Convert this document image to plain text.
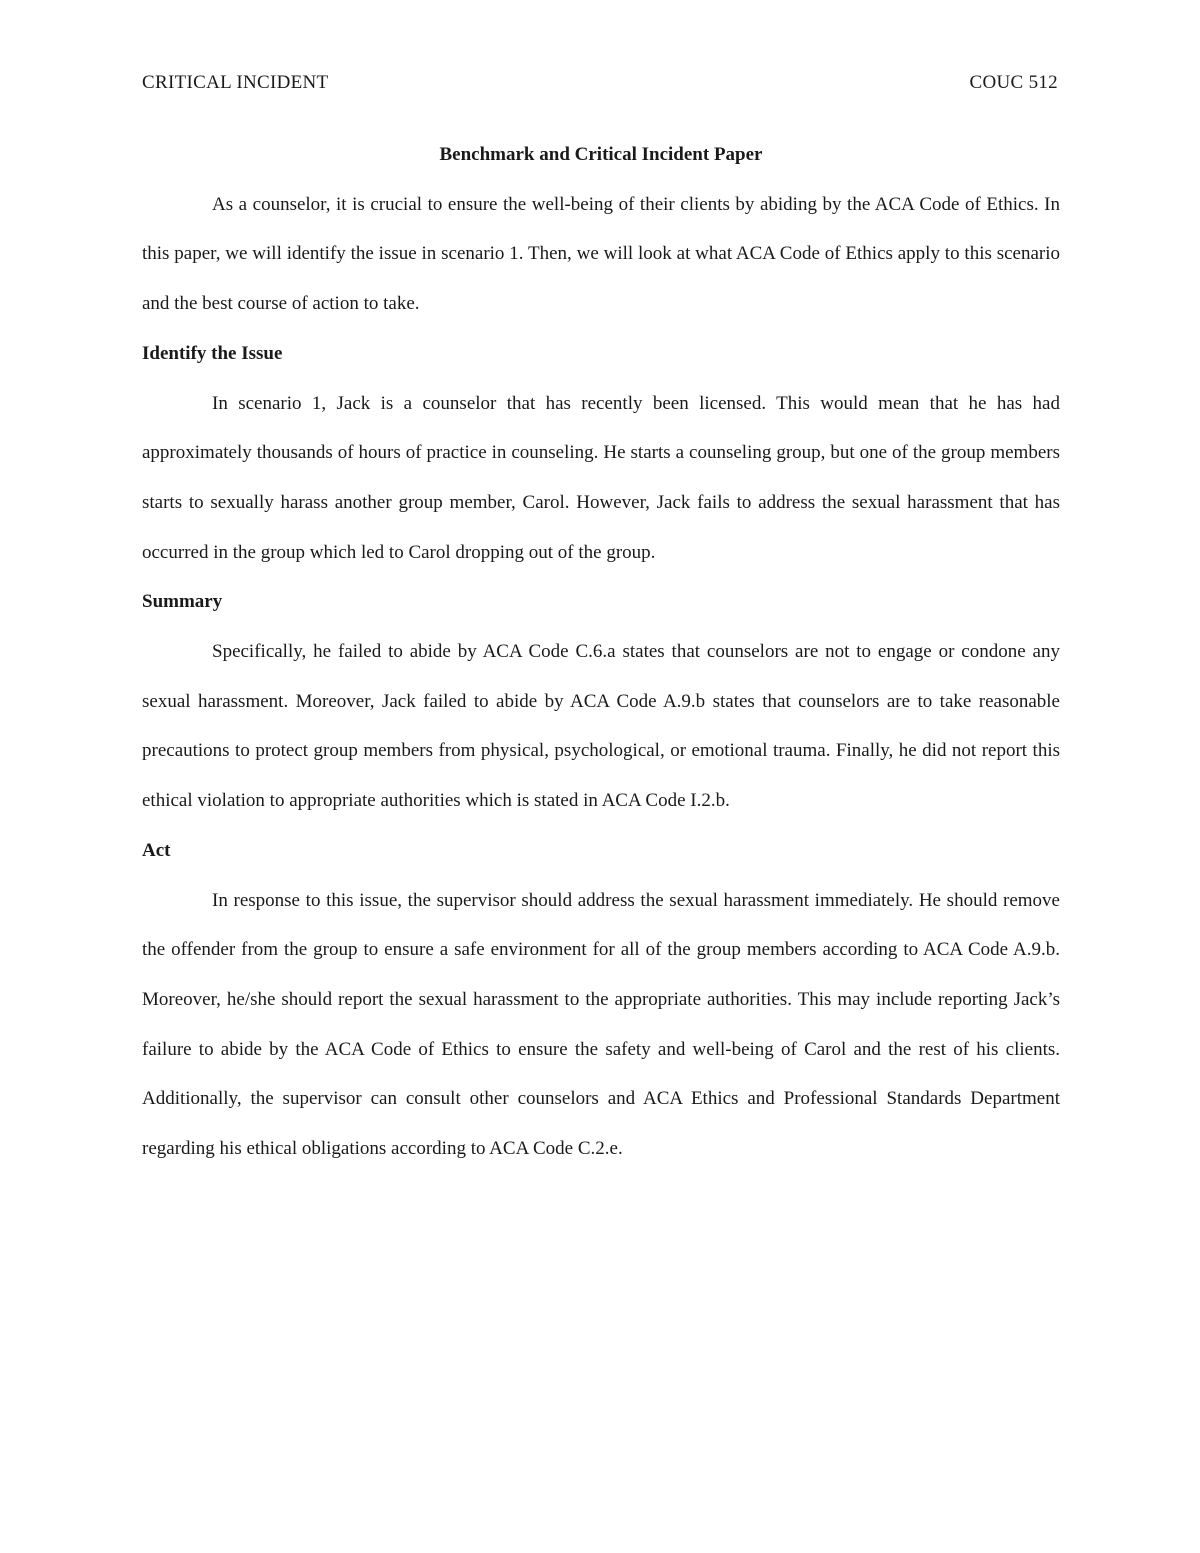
CRITICAL INCIDENT	COUC 512

Benchmark and Critical Incident Paper

As a counselor, it is crucial to ensure the well-being of their clients by abiding by the ACA Code of Ethics. In this paper, we will identify the issue in scenario 1. Then, we will look at what ACA Code of Ethics apply to this scenario and the best course of action to take.

Identify the Issue

In scenario 1, Jack is a counselor that has recently been licensed. This would mean that he has had approximately thousands of hours of practice in counseling. He starts a counseling group, but one of the group members starts to sexually harass another group member, Carol. However, Jack fails to address the sexual harassment that has occurred in the group which led to Carol dropping out of the group.

Summary

Specifically, he failed to abide by ACA Code C.6.a states that counselors are not to engage or condone any sexual harassment. Moreover, Jack failed to abide by ACA Code A.9.b states that counselors are to take reasonable precautions to protect group members from physical, psychological, or emotional trauma. Finally, he did not report this ethical violation to appropriate authorities which is stated in ACA Code I.2.b.

Act

In response to this issue, the supervisor should address the sexual harassment immediately. He should remove the offender from the group to ensure a safe environment for all of the group members according to ACA Code A.9.b. Moreover, he/she should report the sexual harassment to the appropriate authorities. This may include reporting Jack’s failure to abide by the ACA Code of Ethics to ensure the safety and well-being of Carol and the rest of his clients. Additionally, the supervisor can consult other counselors and ACA Ethics and Professional Standards Department regarding his ethical obligations according to ACA Code C.2.e.
